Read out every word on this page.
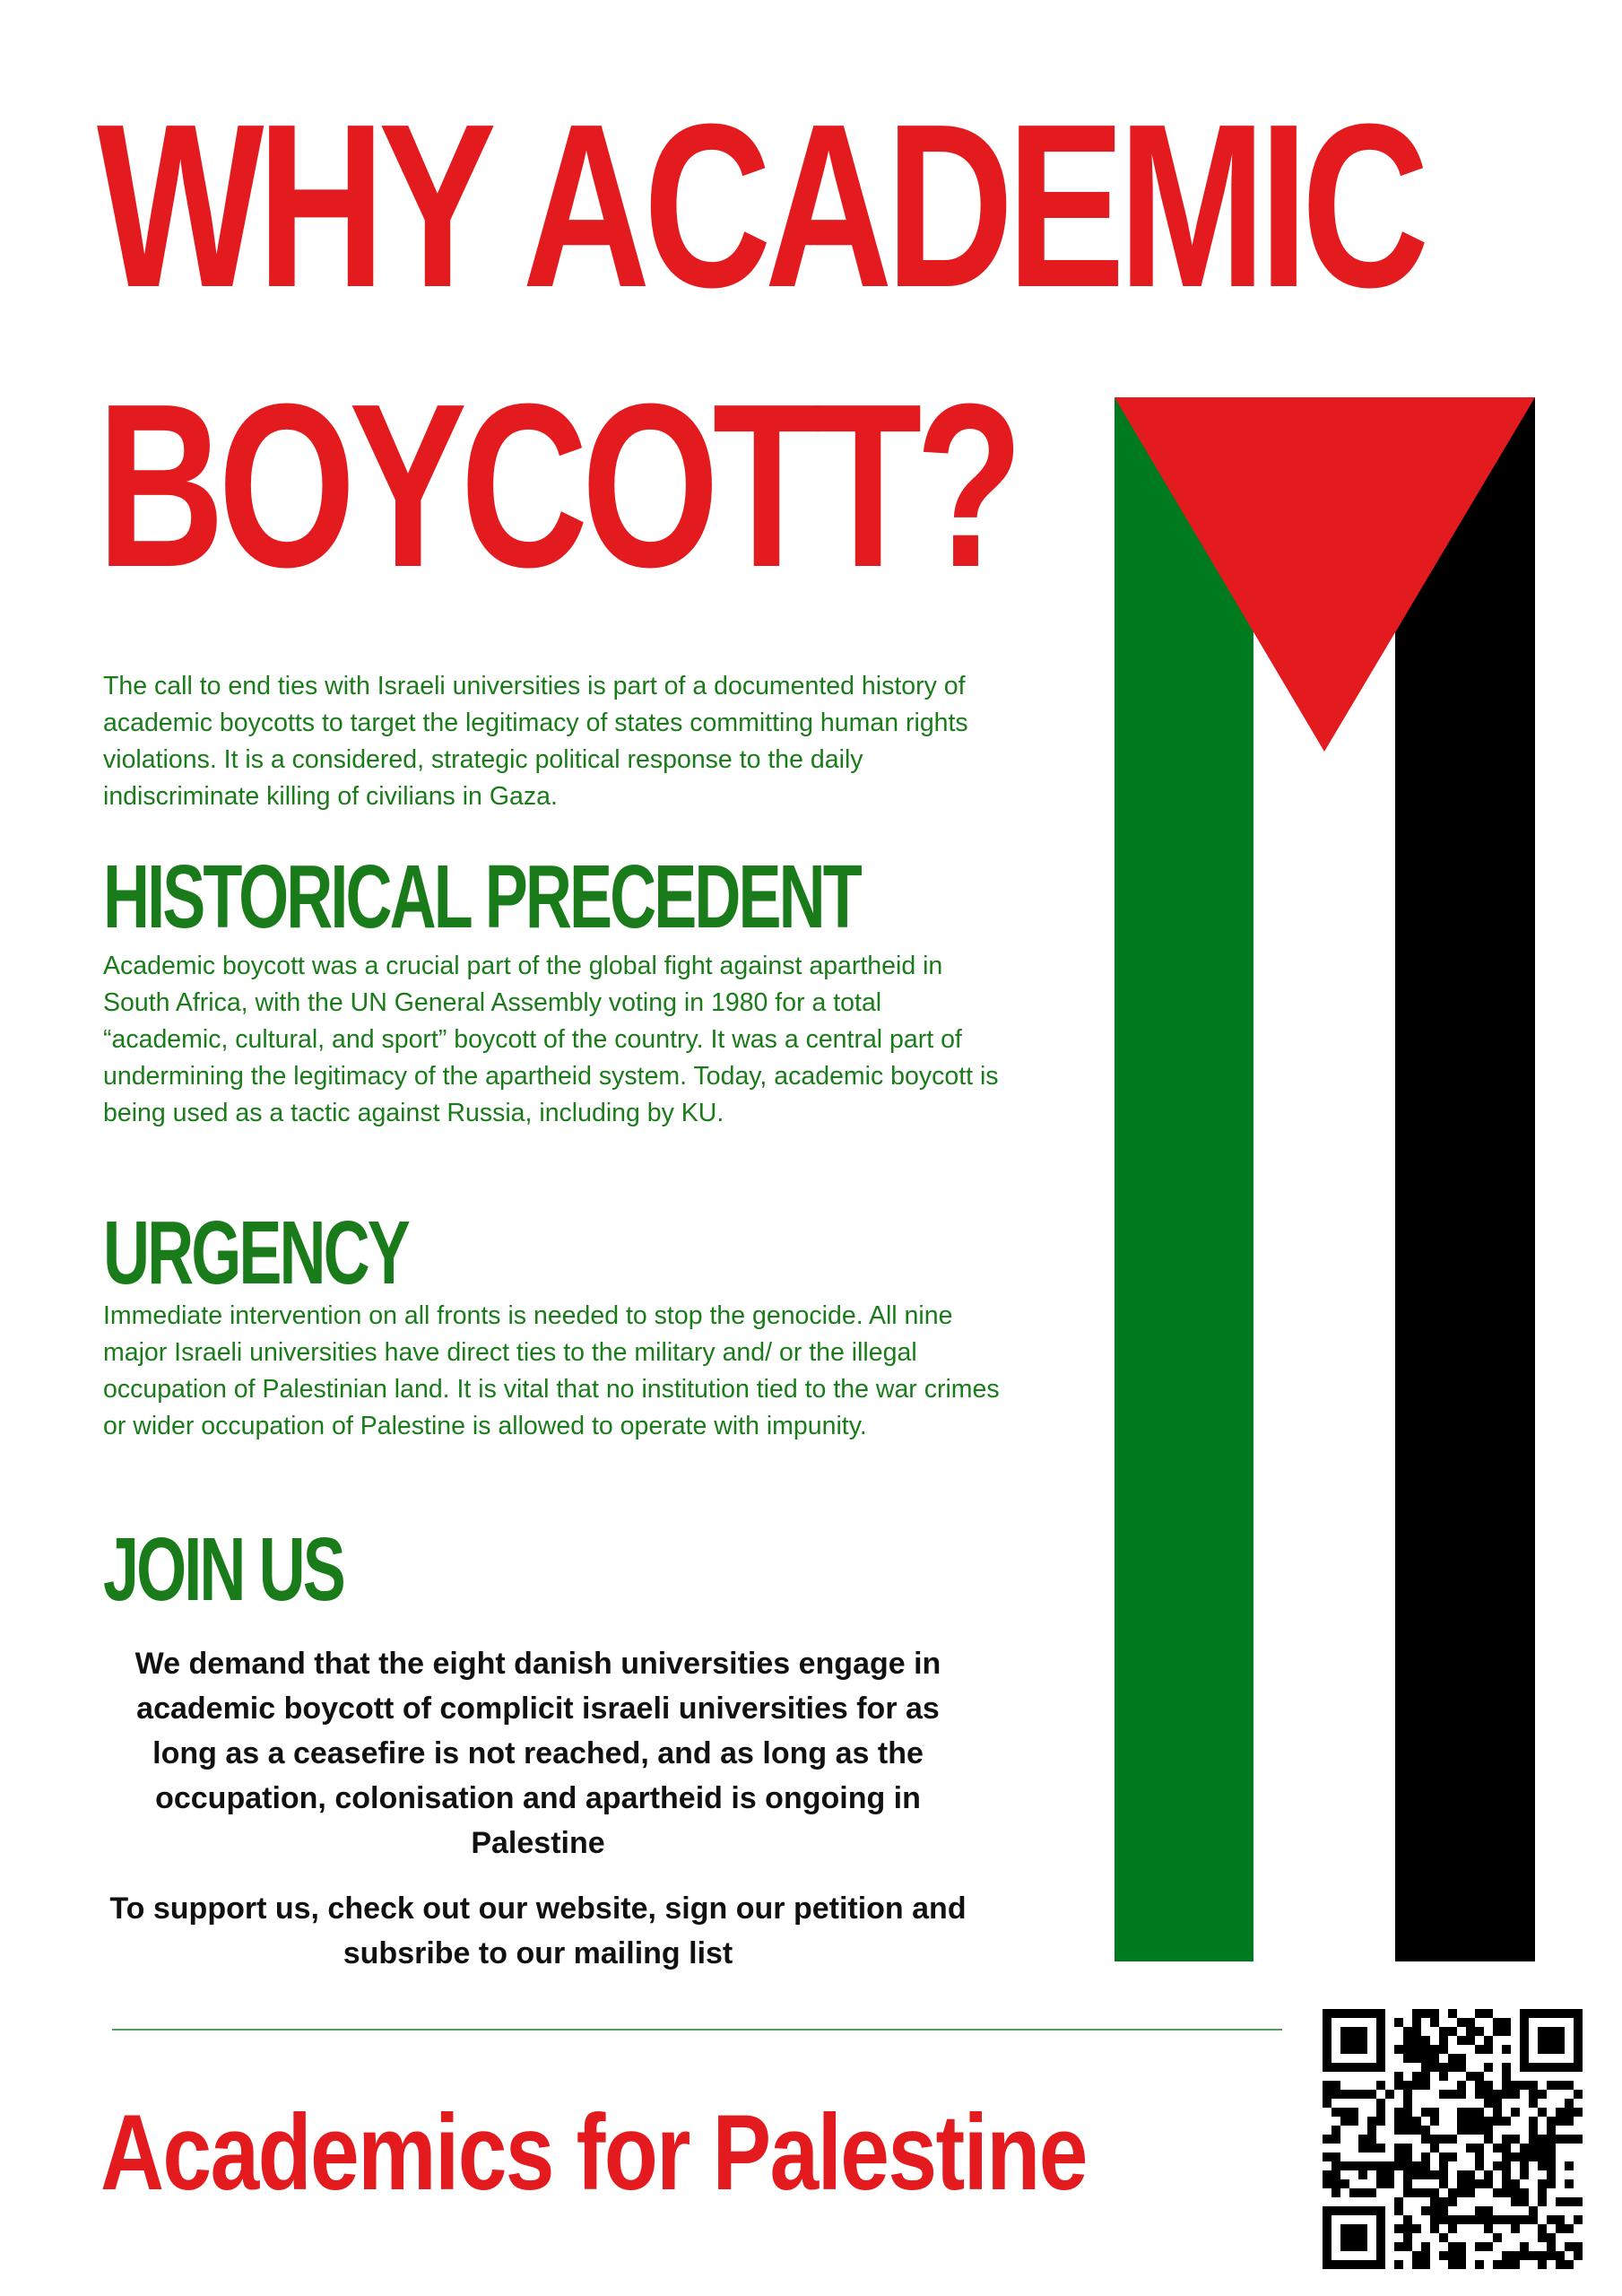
WHY ACADEMIC
BOYCOTT?

The call to end ties with Israeli universities is part of a documented history of academic boycotts to target the legitimacy of states committing human rights violations. It is a considered, strategic political response to the daily indiscriminate killing of civilians in Gaza.

HISTORICAL PRECEDENT

Academic boycott was a crucial part of the global fight against apartheid in South Africa, with the UN General Assembly voting in 1980 for a total “academic, cultural, and sport” boycott of the country. It was a central part of undermining the legitimacy of the apartheid system. Today, academic boycott is being used as a tactic against Russia, including by KU.

URGENCY

Immediate intervention on all fronts is needed to stop the genocide. All nine major Israeli universities have direct ties to the military and/ or the illegal occupation of Palestinian land. It is vital that no institution tied to the war crimes or wider occupation of Palestine is allowed to operate with impunity.

JOIN US

We demand that the eight danish universities engage in academic boycott of complicit israeli universities for as long as a ceasefire is not reached, and as long as the occupation, colonisation and apartheid is ongoing in Palestine

To support us, check out our website, sign our petition and subsribe to our mailing list

Academics for Palestine
